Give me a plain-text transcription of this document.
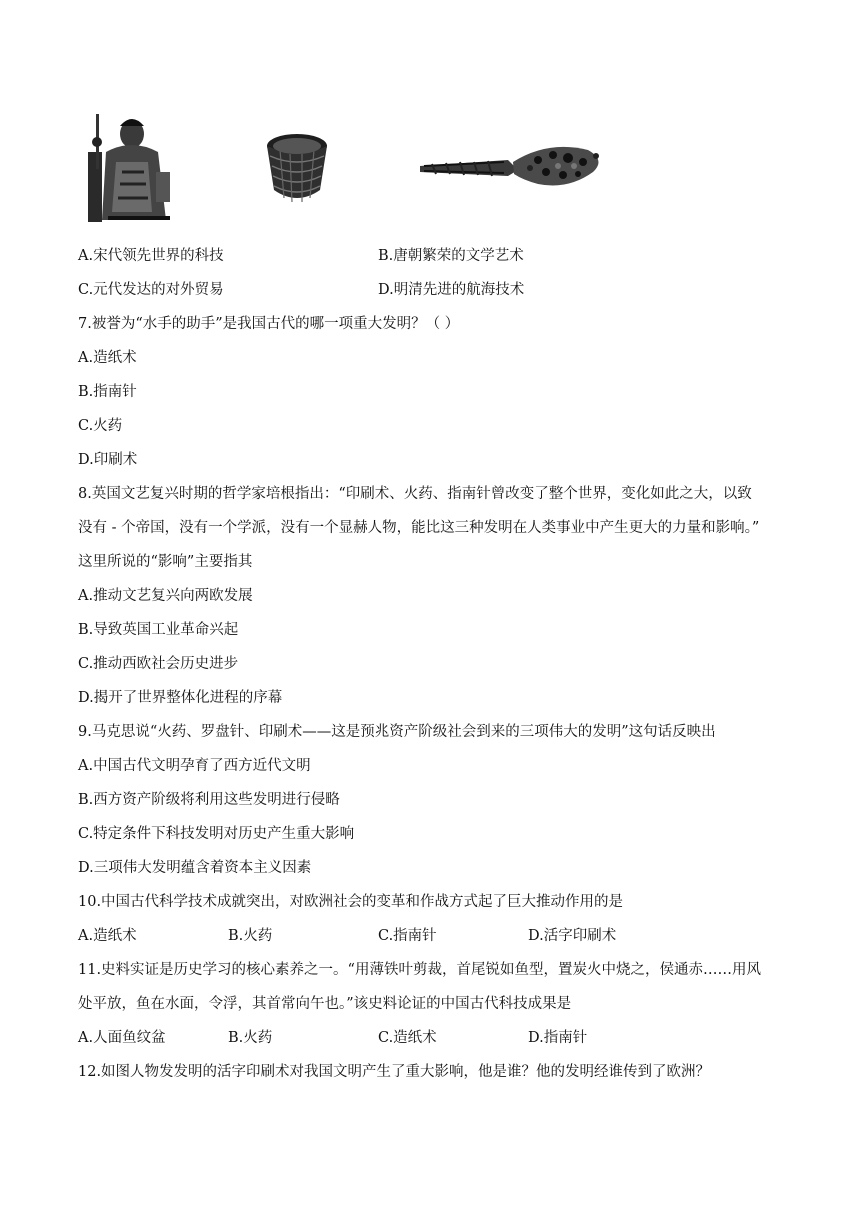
A.宋代领先世界的科技	B.唐朝繁荣的文学艺术
C.元代发达的对外贸易	D.明清先进的航海技术
7.被誉为“水手的助手”是我国古代的哪一项重大发明？（ ）
A.造纸术
B.指南针
C.火药
D.印刷术
8.英国文艺复兴时期的哲学家培根指出：“印刷术、火药、指南针曾改变了整个世界，变化如此之大，以致
没有 - 个帝国，没有一个学派，没有一个显赫人物，能比这三种发明在人类事业中产生更大的力量和影响。”
这里所说的“影响”主要指其
A.推动文艺复兴向两欧发展
B.导致英国工业革命兴起
C.推动西欧社会历史进步
D.揭开了世界整体化进程的序幕
9.马克思说“火药、罗盘针、印刷术——这是预兆资产阶级社会到来的三项伟大的发明”这句话反映出
A.中国古代文明孕育了西方近代文明
B.西方资产阶级将利用这些发明进行侵略
C.特定条件下科技发明对历史产生重大影响
D.三项伟大发明蕴含着资本主义因素
10.中国古代科学技术成就突出，对欧洲社会的变革和作战方式起了巨大推动作用的是
A.造纸术	B.火药	C.指南针	D.活字印刷术
11.史料实证是历史学习的核心素养之一。“用薄铁叶剪裁，首尾锐如鱼型，置炭火中烧之，侯通赤……用风
处平放，鱼在水面，令浮，其首常向午也。”该史料论证的中国古代科技成果是
A.人面鱼纹盆	B.火药	C.造纸术	D.指南针
12.如图人物发发明的活字印刷术对我国文明产生了重大影响，他是谁？他的发明经谁传到了欧洲？
